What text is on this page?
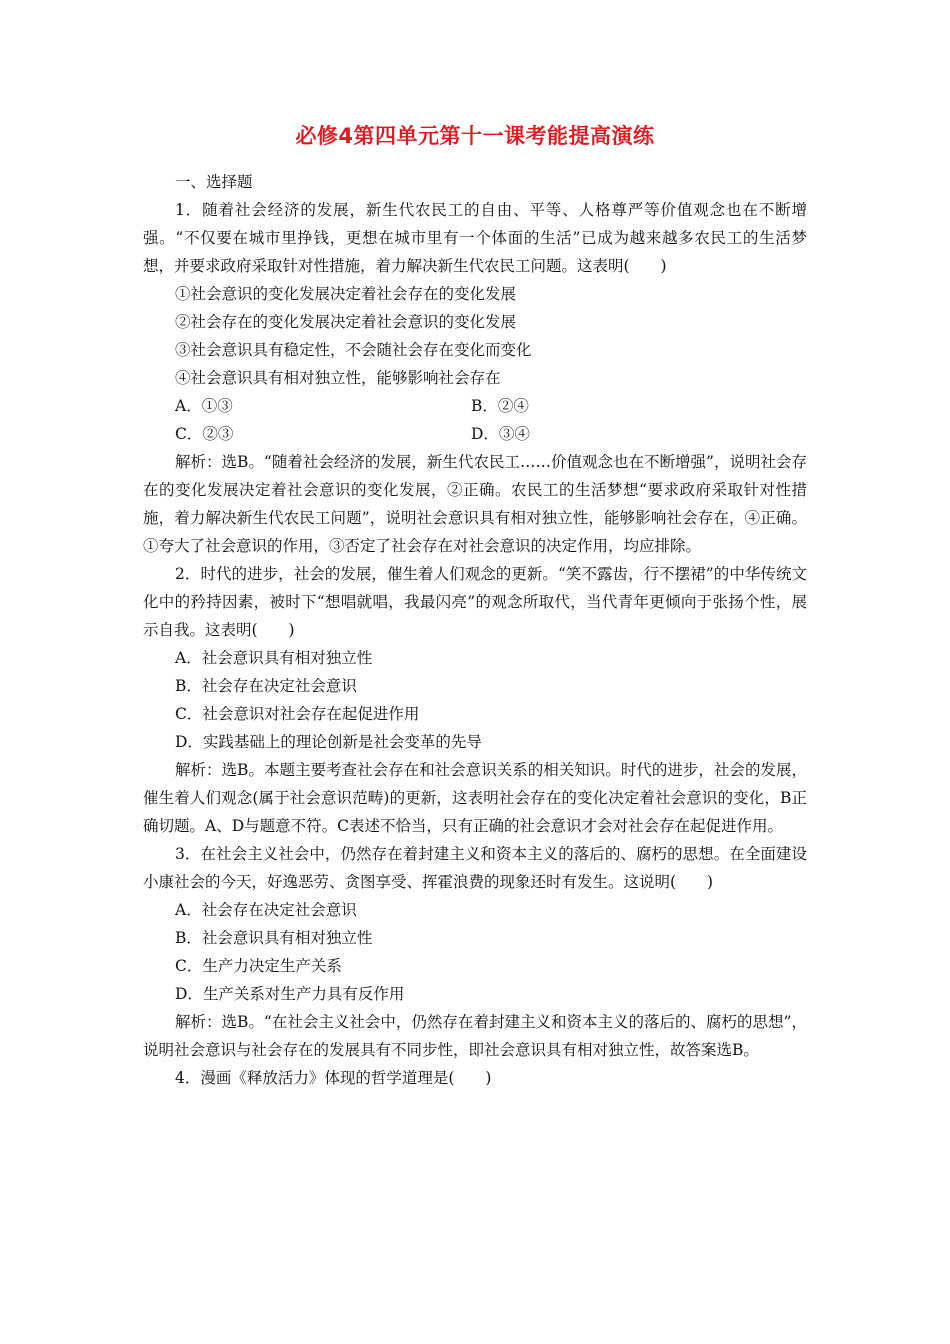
必修4第四单元第十一课考能提高演练
一、选择题
1．随着社会经济的发展，新生代农民工的自由、平等、人格尊严等价值观念也在不断增强。“不仅要在城市里挣钱，更想在城市里有一个体面的生活”已成为越来越多农民工的生活梦想，并要求政府采取针对性措施，着力解决新生代农民工问题。这表明(　　)
①社会意识的变化发展决定着社会存在的变化发展
②社会存在的变化发展决定着社会意识的变化发展
③社会意识具有稳定性，不会随社会存在变化而变化
④社会意识具有相对独立性，能够影响社会存在
A．①③	B．②④
C．②③	D．③④
解析：选B。“随着社会经济的发展，新生代农民工……价值观念也在不断增强”，说明社会存在的变化发展决定着社会意识的变化发展，②正确。农民工的生活梦想“要求政府采取针对性措施，着力解决新生代农民工问题”，说明社会意识具有相对独立性，能够影响社会存在，④正确。①夸大了社会意识的作用，③否定了社会存在对社会意识的决定作用，均应排除。
2．时代的进步，社会的发展，催生着人们观念的更新。“笑不露齿，行不摆裙”的中华传统文化中的矜持因素，被时下“想唱就唱，我最闪亮”的观念所取代，当代青年更倾向于张扬个性，展示自我。这表明(　　)
A．社会意识具有相对独立性
B．社会存在决定社会意识
C．社会意识对社会存在起促进作用
D．实践基础上的理论创新是社会变革的先导
解析：选B。本题主要考查社会存在和社会意识关系的相关知识。时代的进步，社会的发展，催生着人们观念(属于社会意识范畴)的更新，这表明社会存在的变化决定着社会意识的变化，B正确切题。A、D与题意不符。C表述不恰当，只有正确的社会意识才会对社会存在起促进作用。
3．在社会主义社会中，仍然存在着封建主义和资本主义的落后的、腐朽的思想。在全面建设小康社会的今天，好逸恶劳、贪图享受、挥霍浪费的现象还时有发生。这说明(　　)
A．社会存在决定社会意识
B．社会意识具有相对独立性
C．生产力决定生产关系
D．生产关系对生产力具有反作用
解析：选B。“在社会主义社会中，仍然存在着封建主义和资本主义的落后的、腐朽的思想”，说明社会意识与社会存在的发展具有不同步性，即社会意识具有相对独立性，故答案选B。
4．漫画《释放活力》体现的哲学道理是(　　)
